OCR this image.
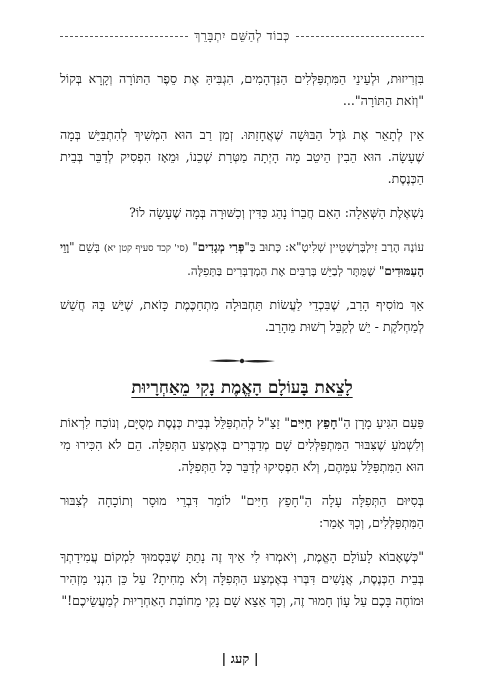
כְּבוֹד לְהַשֵּׁם יִתְבָּרֵךְ

בִּזְרִיזוּת, וּלְעֵינֵי הַמִּתְפַּלְּלִים הַנִּדְהָמִים, הִגְבִּיהַּ אֶת סֵפֶר הַתּוֹרָה וְקָרָא בְּקוֹל "וְזֹאת הַתּוֹרָה"...

אֵין לְתָאֵר אֶת גֹּדֶל הַבּוּשָׁה שֶׁאֲחָזַתּוּ. זְמַן רַב הוּא הִמְשִׁיךְ לְהִתְבַּיֵּשׁ בְּמָה שֶׁעָשָׂה. הוּא הֵבִין הֵיטֵב מָה הָיְתָה מַטְּרַת שְׁכֵנוֹ, וּמֵאָז הִפְסִיק לְדַבֵּר בְּבֵית הַכְּנֶסֶת.

נִשְׁאֶלֶת הַשְּׁאֵלָה: הַאִם חֲבֵרוֹ נָהַג כַּדִּין וְכַשּׁוּרָה בְּמָה שֶׁעָשָׂה לוֹ?

עוֹנֶה הָרַב זִילְבֶּרְשְׁטֵיין שְׁלִיטָ"א: כָּתוּב בַּ"פְּרִי מְגָדִים" (סי' קכד סעיף קטן יא) בְּשֵׁם "וָוֵי הָעַמּוּדִים" שֶׁמֻּתָּר לְבַיֵּשׁ בָּרַבִּים אֶת הַמְדַבְּרִים בַּתְּפִלָּה.

אַךְ מוֹסִיף הָרַב, שֶׁבִּכְדֵי לַעֲשׂוֹת תַּחְבּוּלָה מִתְחַכֶּמֶת כָּזֹאת, שֶׁיֵּשׁ בָּהּ חֲשַׁשׁ לְמַחְלֹקֶת - יֵשׁ לְקַבֵּל רְשׁוּת מֵהָרַב.

לָצֵאת בָּעוֹלָם הָאֱמֶת נָקִי מֵאַחְרָיוּת

פַּעַם הִגִּיעַ מָרָן הַ"חָפֵץ חַיִּים" זַצַ"ל לְהִתְפַּלֵּל בְּבֵית כְּנֶסֶת מְסֻיָּם, וְנוֹכַח לִרְאוֹת וְלִשְׁמֹעַ שֶׁצִּבּוּר הַמִּתְפַּלְּלִים שָׁם מְדַבְּרִים בְּאֶמְצַע הַתְּפִלָּה. הֵם לֹא הִכִּירוּ מִי הוּא הַמִּתְפַּלֵּל עִמָּהֶם, וְלֹא הִפְסִיקוּ לְדַבֵּר כָּל הַתְּפִלָּה.

בְּסִיּוּם הַתְּפִלָּה עָלָה הַ"חָפֵץ חַיִּים" לוֹמַר דִּבְרֵי מוּסָר וְתוֹכָחָה לְצִבּוּר הַמִּתְפַּלְּלִים, וְכָךְ אָמַר:

"כְּשֶׁאָבוֹא לָעוֹלָם הָאֱמֶת, וְיֹאמְרוּ לִי אֵיךְ זֶה נָתַתָּ שֶׁבִּסְמוּךְ לִמְקוֹם עֲמִידָתְךָ בְּבֵית הַכְּנֶסֶת, אֲנָשִׁים דִּבְּרוּ בְּאֶמְצַע הַתְּפִלָּה וְלֹא מָחִיתָ? עַל כֵּן הִנְנִי מַזְהִיר וּמוֹחֶה בָּכֶם עַל עָוֹן חָמוּר זֶה, וְכָךְ אֵצֵא שָׁם נָקִי מֵחוֹבַת הָאַחְרָיוּת לְמַעֲשֵׂיכֶם!"

| קעג |
